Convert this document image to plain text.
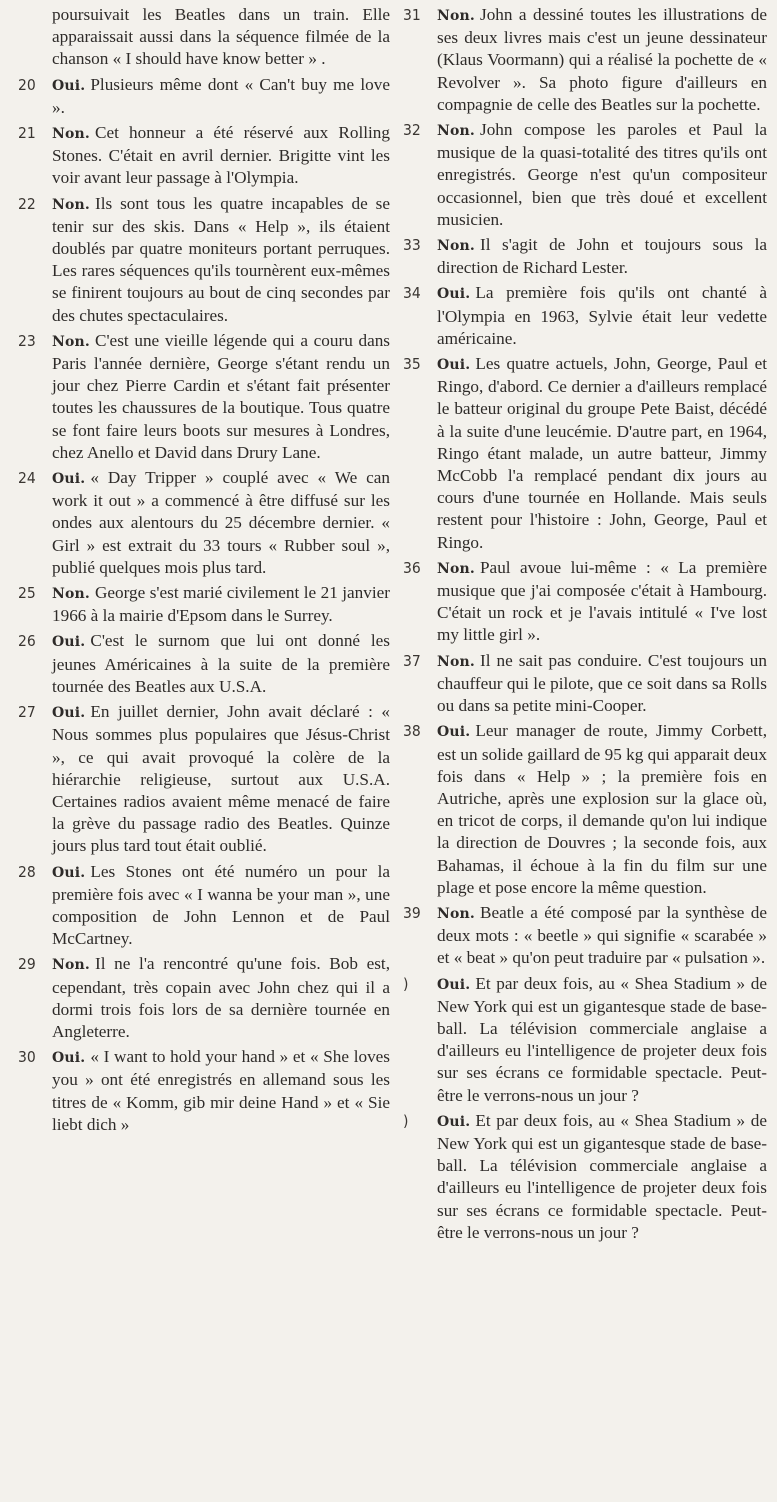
poursuivait les Beatles dans un train. Elle apparaissait aussi dans la séquence filmée de la chanson « I should have know better » .
20	Oui. Plusieurs même dont « Can't buy me love ».
21	Non. Cet honneur a été réservé aux Rolling Stones. C'était en avril dernier. Brigitte vint les voir avant leur passage à l'Olympia.
22	Non. Ils sont tous les quatre incapables de se tenir sur des skis. Dans « Help », ils étaient doublés par quatre moniteurs portant perruques. Les rares séquences qu'ils tournèrent eux-mêmes se finirent toujours au bout de cinq secondes par des chutes spectaculaires.
23	Non. C'est une vieille légende qui a couru dans Paris l'année dernière, George s'étant rendu un jour chez Pierre Cardin et s'étant fait présenter toutes les chaussures de la boutique. Tous quatre se font faire leurs boots sur mesures à Londres, chez Anello et David dans Drury Lane.
24	Oui. « Day Tripper » couplé avec « We can work it out » a commencé à être diffusé sur les ondes aux alentours du 25 décembre dernier. « Girl » est extrait du 33 tours « Rubber soul », publié quelques mois plus tard.
25	Non. George s'est marié civilement le 21 janvier 1966 à la mairie d'Epsom dans le Surrey.
26	Oui. C'est le surnom que lui ont donné les jeunes Américaines à la suite de la première tournée des Beatles aux U.S.A.
27	Oui. En juillet dernier, John avait déclaré : « Nous sommes plus populaires que Jésus-Christ », ce qui avait provoqué la colère de la hiérarchie religieuse, surtout aux U.S.A. Certaines radios avaient même menacé de faire la grève du passage radio des Beatles. Quinze jours plus tard tout était oublié.
28	Oui. Les Stones ont été numéro un pour la première fois avec « I wanna be your man », une composition de John Lennon et de Paul McCartney.
29	Non. Il ne l'a rencontré qu'une fois. Bob est, cependant, très copain avec John chez qui il a dormi trois fois lors de sa dernière tournée en Angleterre.
30	Oui. « I want to hold your hand » et « She loves you » ont été enregistrés en allemand sous les titres de « Komm, gib mir deine Hand » et « Sie liebt dich »
31	Non. John a dessiné toutes les illustrations de ses deux livres mais c'est un jeune dessinateur (Klaus Voormann) qui a réalisé la pochette de « Revolver ». Sa photo figure d'ailleurs en compagnie de celle des Beatles sur la pochette.
32	Non. John compose les paroles et Paul la musique de la quasi-totalité des titres qu'ils ont enregistrés. George n'est qu'un compositeur occasionnel, bien que très doué et excellent musicien.
33	Non. Il s'agit de John et toujours sous la direction de Richard Lester.
34	Oui. La première fois qu'ils ont chanté à l'Olympia en 1963, Sylvie était leur vedette américaine.
35	Oui. Les quatre actuels, John, George, Paul et Ringo, d'abord. Ce dernier a d'ailleurs remplacé le batteur original du groupe Pete Baist, décédé à la suite d'une leucémie. D'autre part, en 1964, Ringo étant malade, un autre batteur, Jimmy McCobb l'a remplacé pendant dix jours au cours d'une tournée en Hollande. Mais seuls restent pour l'histoire : John, George, Paul et Ringo.
36	Non. Paul avoue lui-même : « La première musique que j'ai composée c'était à Hambourg. C'était un rock et je l'avais intitulé « I've lost my little girl ».
37	Non. Il ne sait pas conduire. C'est toujours un chauffeur qui le pilote, que ce soit dans sa Rolls ou dans sa petite mini-Cooper.
38	Oui. Leur manager de route, Jimmy Corbett, est un solide gaillard de 95 kg qui apparait deux fois dans « Help » ; la première fois en Autriche, après une explosion sur la glace où, en tricot de corps, il demande qu'on lui indique la direction de Douvres ; la seconde fois, aux Bahamas, il échoue à la fin du film sur une plage et pose encore la même question.
39	Non. Beatle a été composé par la synthèse de deux mots : « beetle » qui signifie « scarabée » et « beat » qu'on peut traduire par « pulsation ».
)	Oui. Et par deux fois, au « Shea Stadium » de New York qui est un gigantesque stade de base-ball. La télévision commerciale anglaise a d'ailleurs eu l'intelligence de projeter deux fois sur ses écrans ce formidable spectacle. Peut-être le verrons-nous un jour ?
)	Oui. Et par deux fois, au « Shea Stadium » de New York qui est un gigantesque stade de base-ball. La télévision commerciale anglaise a d'ailleurs eu l'intelligence de projeter deux fois sur ses écrans ce formidable spectacle. Peut-être le verrons-nous un jour ?
